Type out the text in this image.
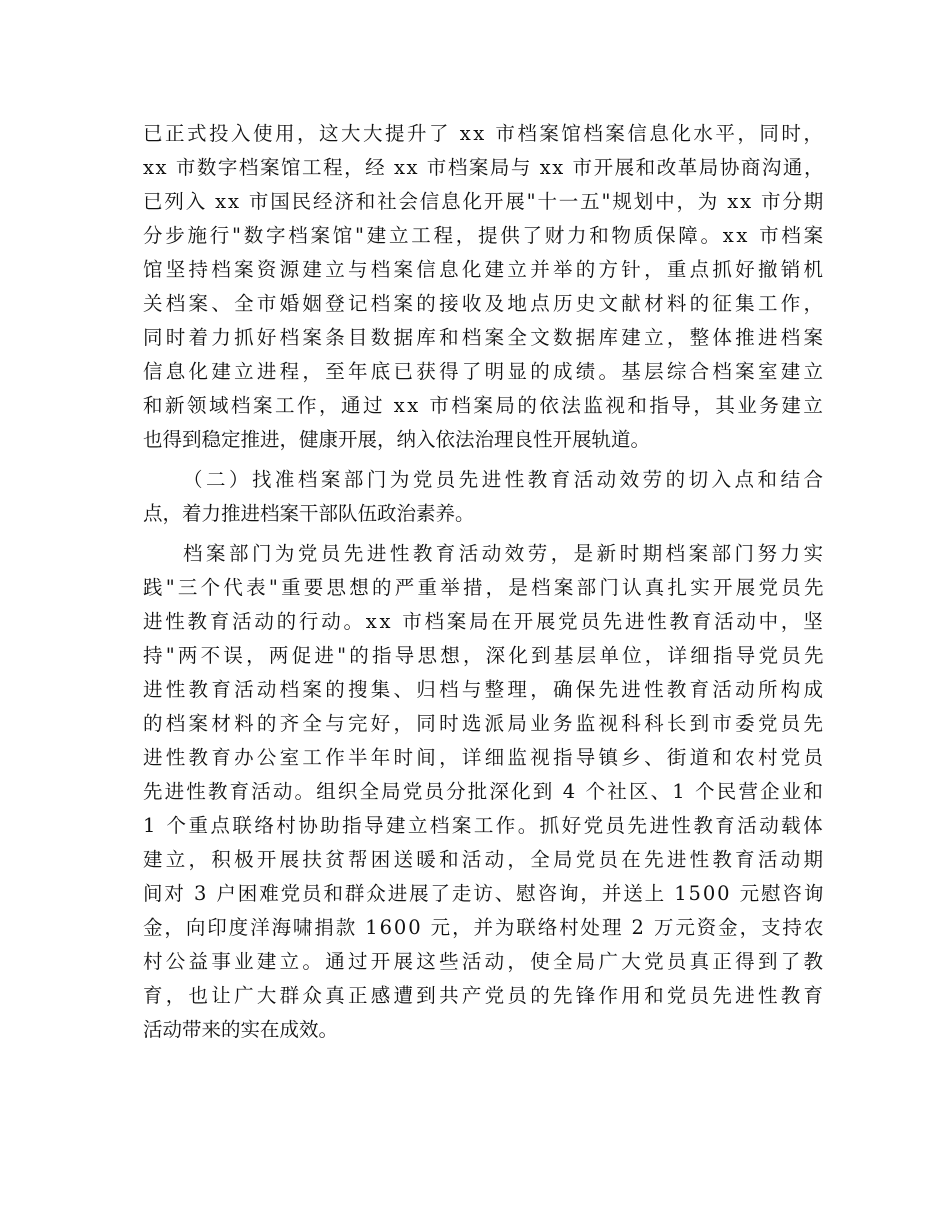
已正式投入使用，这大大提升了 xx 市档案馆档案信息化水平，同时，
xx 市数字档案馆工程，经 xx 市档案局与 xx 市开展和改革局协商沟通，
已列入 xx 市国民经济和社会信息化开展"十一五"规划中，为 xx 市分期
分步施行"数字档案馆"建立工程，提供了财力和物质保障。xx 市档案
馆坚持档案资源建立与档案信息化建立并举的方针，重点抓好撤销机
关档案、全市婚姻登记档案的接收及地点历史文献材料的征集工作，
同时着力抓好档案条目数据库和档案全文数据库建立，整体推进档案
信息化建立进程，至年底已获得了明显的成绩。基层综合档案室建立
和新领域档案工作，通过 xx 市档案局的依法监视和指导，其业务建立
也得到稳定推进，健康开展，纳入依法治理良性开展轨道。
（二）找准档案部门为党员先进性教育活动效劳的切入点和结合
点，着力推进档案干部队伍政治素养。
档案部门为党员先进性教育活动效劳，是新时期档案部门努力实
践"三个代表"重要思想的严重举措，是档案部门认真扎实开展党员先
进性教育活动的行动。xx 市档案局在开展党员先进性教育活动中，坚
持"两不误，两促进"的指导思想，深化到基层单位，详细指导党员先
进性教育活动档案的搜集、归档与整理，确保先进性教育活动所构成
的档案材料的齐全与完好，同时选派局业务监视科科长到市委党员先
进性教育办公室工作半年时间，详细监视指导镇乡、街道和农村党员
先进性教育活动。组织全局党员分批深化到 4 个社区、1 个民营企业和
1 个重点联络村协助指导建立档案工作。抓好党员先进性教育活动载体
建立，积极开展扶贫帮困送暖和活动，全局党员在先进性教育活动期
间对 3 户困难党员和群众进展了走访、慰咨询，并送上 1500 元慰咨询
金，向印度洋海啸捐款 1600 元，并为联络村处理 2 万元资金，支持农
村公益事业建立。通过开展这些活动，使全局广大党员真正得到了教
育，也让广大群众真正感遭到共产党员的先锋作用和党员先进性教育
活动带来的实在成效。
